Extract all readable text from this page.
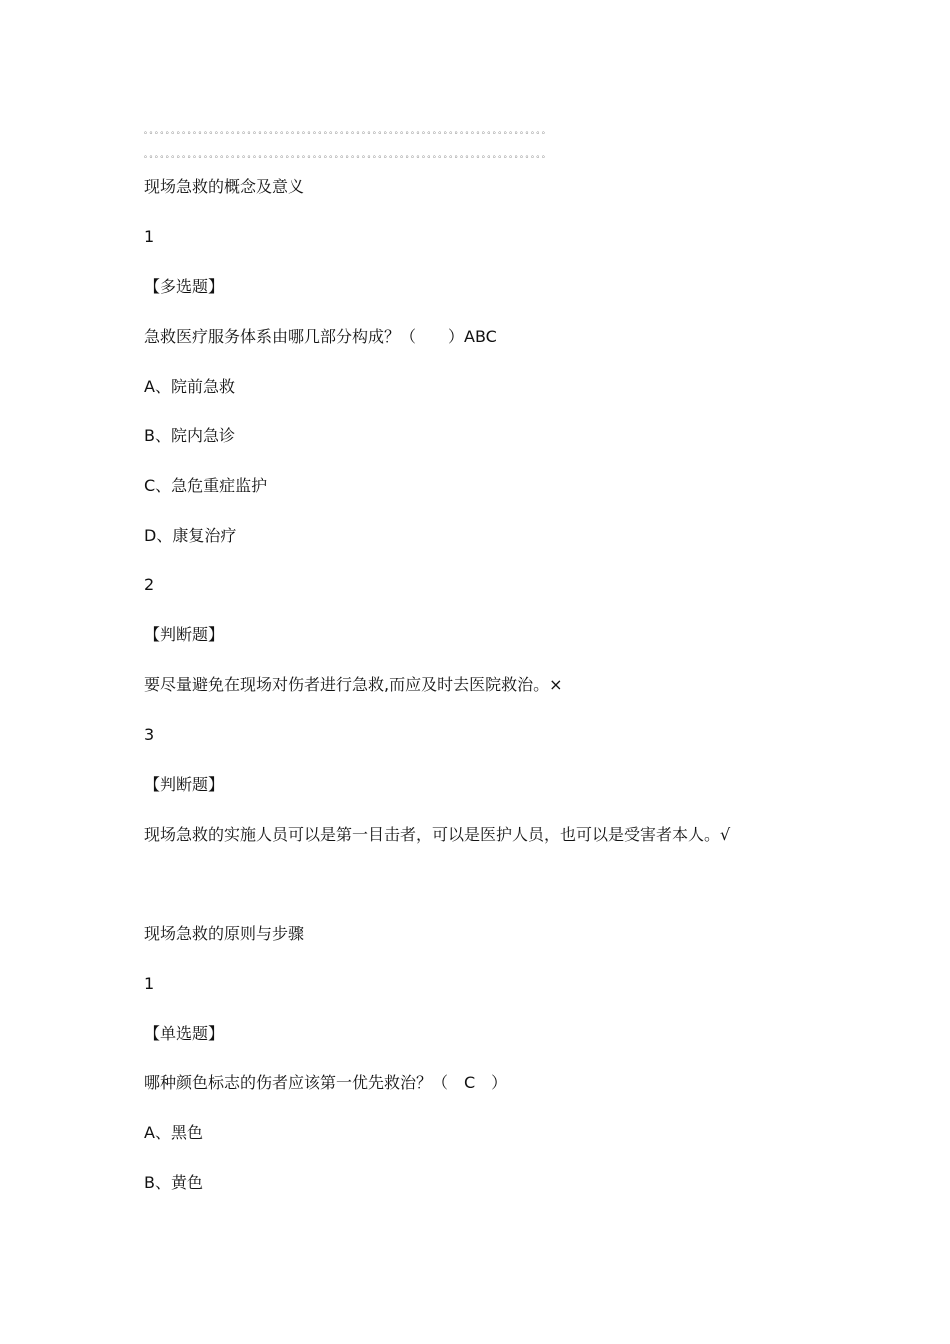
。。。。。。。。。。。。。。。。。。。。。。。。。。。。。。。。。。。。。。。。。。。。。。。。。。。。。。。。。。。。。。。。。。。。。。。。。。
。。。。。。。。。。。。。。。。。。。。。。。。。。。。。。。。。。。。。。。。。。。。。。。。。。。。。。。。。。。。。。。。。。。。。。。。。。
现场急救的概念及意义
1
【多选题】
急救医疗服务体系由哪几部分构成？（　　）ABC
A、院前急救
B、院内急诊
C、急危重症监护
D、康复治疗
2
【判断题】
要尽量避免在现场对伤者进行急救,而应及时去医院救治。×
3
【判断题】
现场急救的实施人员可以是第一目击者，可以是医护人员，也可以是受害者本人。√
现场急救的原则与步骤
1
【单选题】
哪种颜色标志的伤者应该第一优先救治？（　C　）
A、黑色
B、黄色
